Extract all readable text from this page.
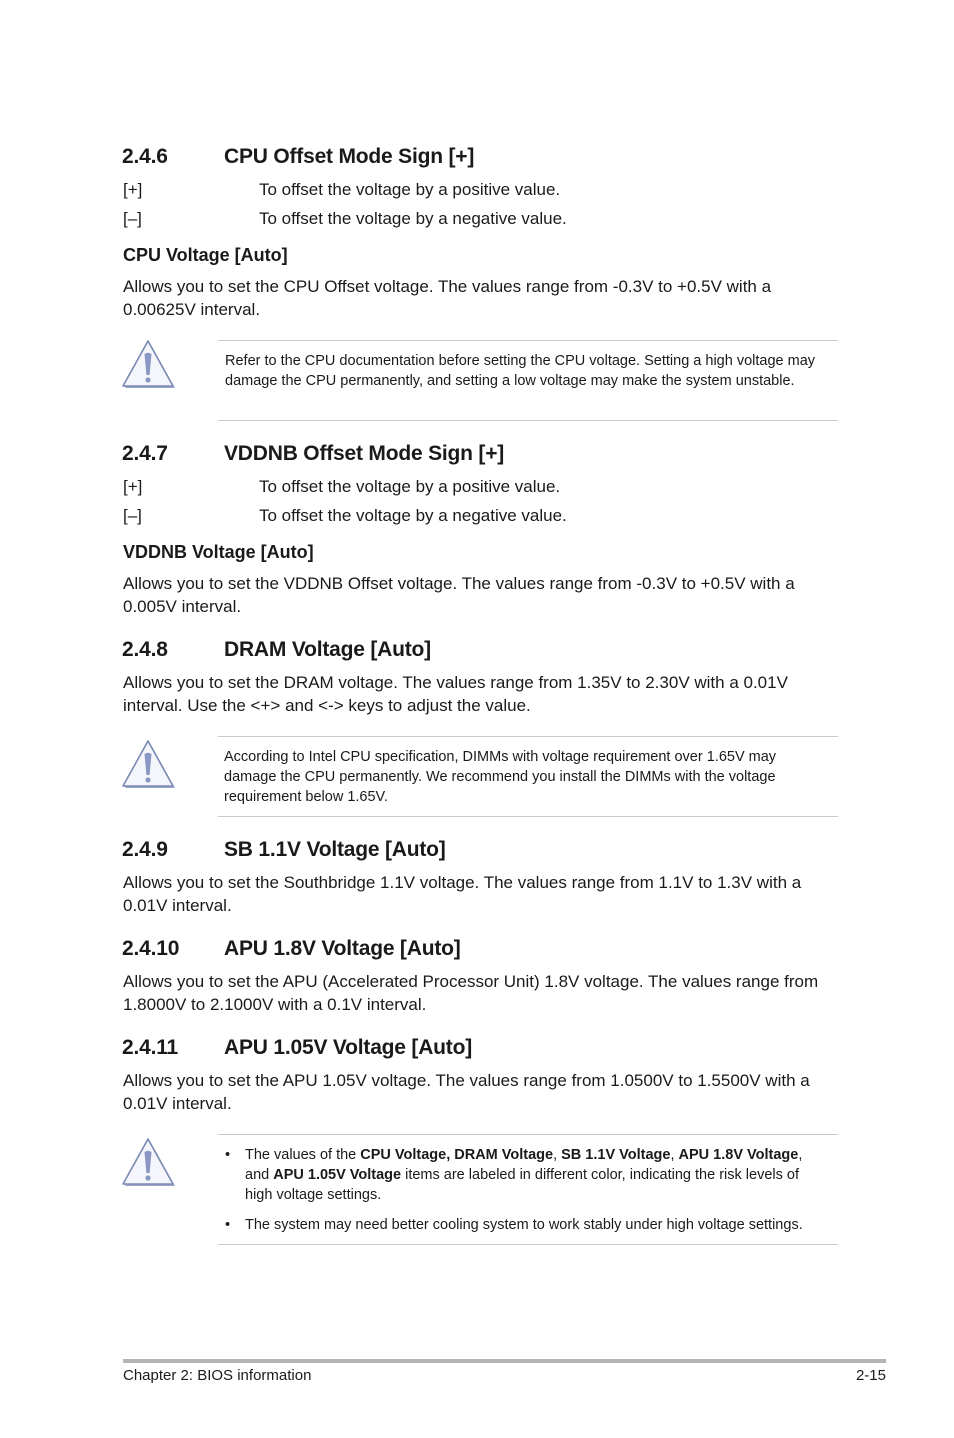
2.4.6	CPU Offset Mode Sign [+]
[+]	To offset the voltage by a positive value.
[–]	To offset the voltage by a negative value.
CPU Voltage [Auto]
Allows you to set the CPU Offset voltage. The values range from -0.3V to +0.5V with a 0.00625V interval.
Refer to the CPU documentation before setting the CPU voltage. Setting a high voltage may damage the CPU permanently, and setting a low voltage may make the system unstable.
2.4.7	VDDNB Offset Mode Sign [+]
[+]	To offset the voltage by a positive value.
[–]	To offset the voltage by a negative value.
VDDNB Voltage [Auto]
Allows you to set the VDDNB Offset voltage. The values range from -0.3V to +0.5V with a 0.005V interval.
2.4.8	DRAM Voltage [Auto]
Allows you to set the DRAM voltage. The values range from 1.35V to 2.30V with a 0.01V interval. Use the <+> and <-> keys to adjust the value.
According to Intel CPU specification, DIMMs with voltage requirement over 1.65V may damage the CPU permanently. We recommend you install the DIMMs with the voltage requirement below 1.65V.
2.4.9	SB 1.1V Voltage [Auto]
Allows you to set the Southbridge 1.1V voltage. The values range from 1.1V to 1.3V with a 0.01V interval.
2.4.10 APU 1.8V Voltage [Auto]
Allows you to set the APU (Accelerated Processor Unit) 1.8V voltage. The values range from 1.8000V to 2.1000V with a 0.1V interval.
2.4.11 APU 1.05V Voltage [Auto]
Allows you to set the APU 1.05V voltage. The values range from 1.0500V to 1.5500V with a 0.01V interval.
• The values of the CPU Voltage, DRAM Voltage, SB 1.1V Voltage, APU 1.8V Voltage, and APU 1.05V Voltage items are labeled in different color, indicating the risk levels of high voltage settings.
• The system may need better cooling system to work stably under high voltage settings.
Chapter 2: BIOS information	2-15
